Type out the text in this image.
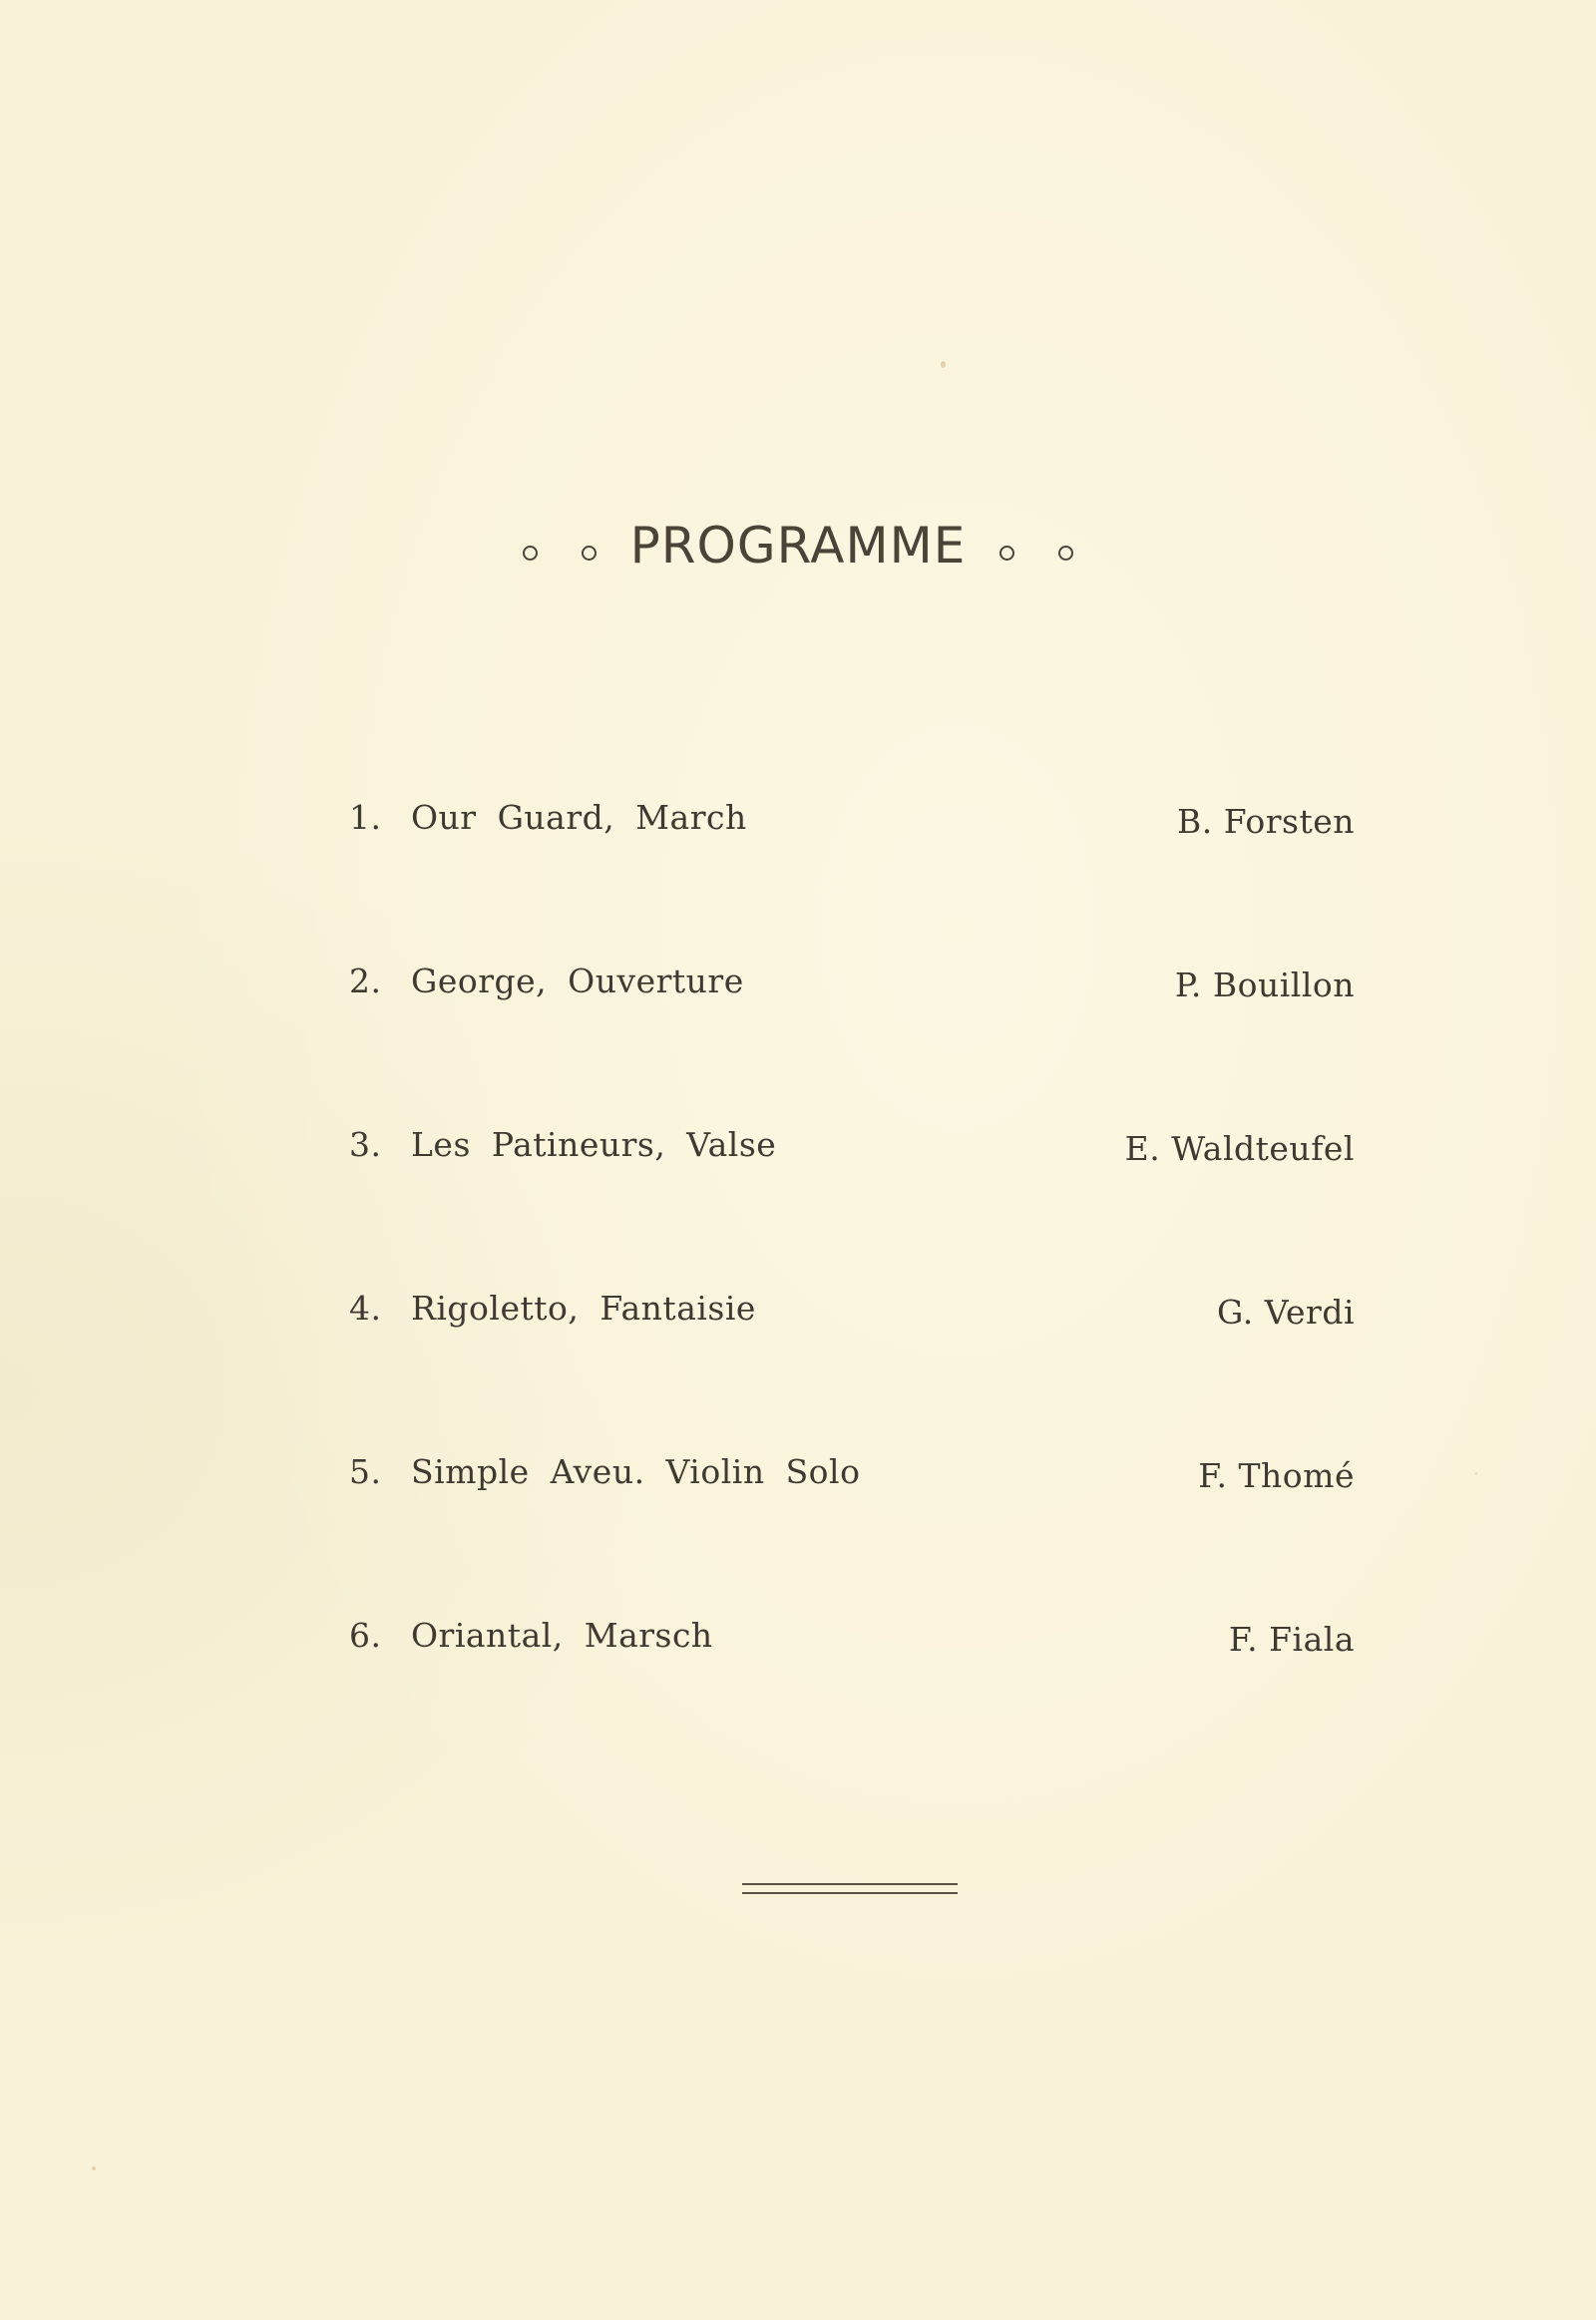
PROGRAMME
1. Our Guard, March	B. Forsten
2. George, Ouverture	P. Bouillon
3. Les Patineurs, Valse	E. Waldteufel
4. Rigoletto, Fantaisie	G. Verdi
5. Simple Aveu. Violin Solo	F. Thomé
6. Oriantal, Marsch	F. Fiala
